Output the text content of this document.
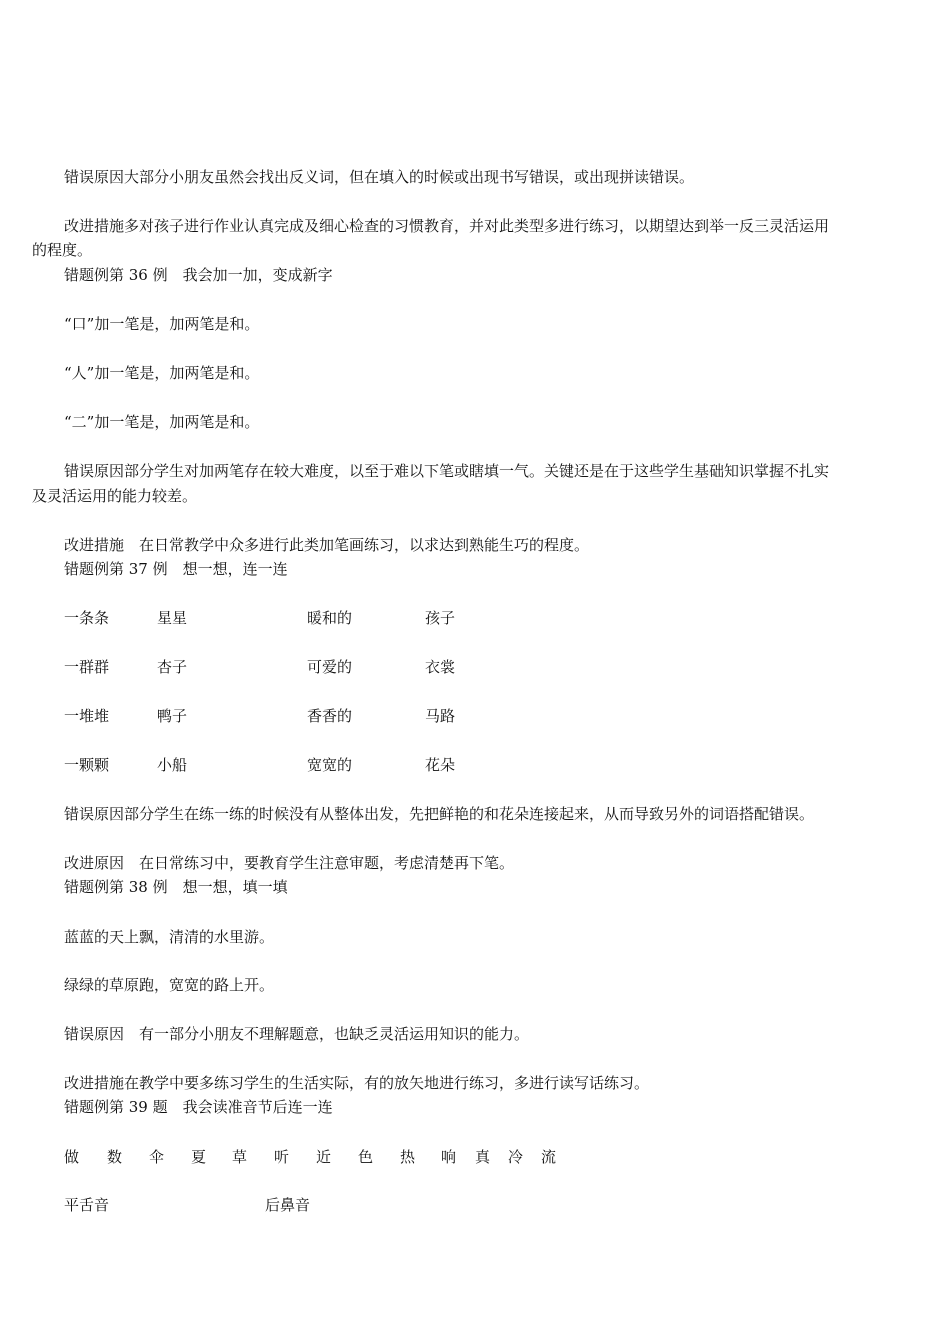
错误原因大部分小朋友虽然会找出反义词，但在填入的时候或出现书写错误，或出现拼读错误。
改进措施多对孩子进行作业认真完成及细心检查的习惯教育，并对此类型多进行练习，以期望达到举一反三灵活运用
的程度。
错题例第 36 例　我会加一加，变成新字
“口”加一笔是，加两笔是和。
“人”加一笔是，加两笔是和。
“二”加一笔是，加两笔是和。
错误原因部分学生对加两笔存在较大难度，以至于难以下笔或瞎填一气。关键还是在于这些学生基础知识掌握不扎实
及灵活运用的能力较差。
改进措施　在日常教学中众多进行此类加笔画练习，以求达到熟能生巧的程度。
错题例第 37 例　想一想，连一连
一条条	星星	暖和的	孩子
一群群	杏子	可爱的	衣裳
一堆堆	鸭子	香香的	马路
一颗颗	小船	宽宽的	花朵
错误原因部分学生在练一练的时候没有从整体出发，先把鲜艳的和花朵连接起来，从而导致另外的词语搭配错误。
改进原因　在日常练习中，要教育学生注意审题，考虑清楚再下笔。
错题例第 38 例　想一想，填一填
蓝蓝的天上飘，清清的水里游。
绿绿的草原跑，宽宽的路上开。
错误原因　有一部分小朋友不理解题意，也缺乏灵活运用知识的能力。
改进措施在教学中要多练习学生的生活实际，有的放矢地进行练习，多进行读写话练习。
错题例第 39 题　我会读准音节后连一连
做 数 伞 夏 草 听 近 色 热 响 真 冷 流
平舌音	后鼻音
